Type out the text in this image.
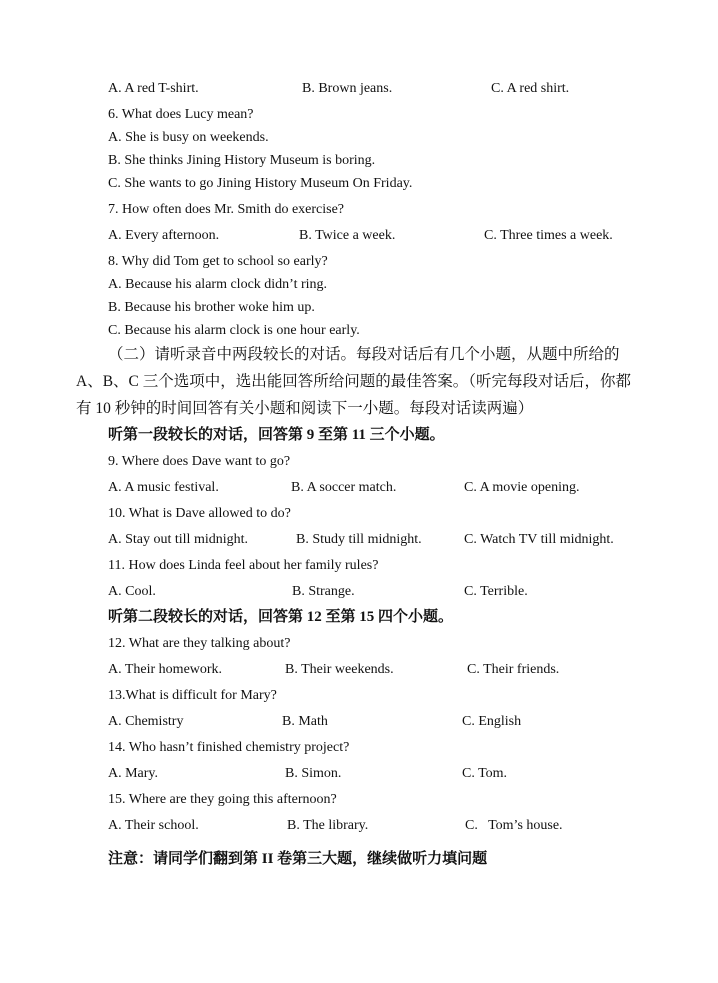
A. A red T-shirt.	B. Brown jeans.	C. A red shirt.
6. What does Lucy mean?
A. She is busy on weekends.
B. She thinks Jining History Museum is boring.
C. She wants to go Jining History Museum On Friday.
7. How often does Mr. Smith do exercise?
A. Every afternoon.	B. Twice a week.	C. Three times a week.
8. Why did Tom get to school so early?
A. Because his alarm clock didn’t ring.
B. Because his brother woke him up.
C. Because his alarm clock is one hour early.
（二）请听录音中两段较长的对话。每段对话后有几个小题，从题中所给的
A、B、C 三个选项中，选出能回答所给问题的最佳答案。（听完每段对话后，你都
有 10 秒钟的时间回答有关小题和阅读下一小题。每段对话读两遍）
听第一段较长的对话，回答第 9 至第 11 三个小题。
9. Where does Dave want to go?
A. A music festival.	B. A soccer match.	C. A movie opening.
10. What is Dave allowed to do?
A. Stay out till midnight.	B. Study till midnight.	C. Watch TV till midnight.
11. How does Linda feel about her family rules?
A. Cool.	B. Strange.	C. Terrible.
听第二段较长的对话，回答第 12 至第 15 四个小题。
12. What are they talking about?
A. Their homework.	B. Their weekends.	C. Their friends.
13.What is difficult for Mary?
A. Chemistry	B. Math	C. English
14. Who hasn’t finished chemistry project?
A. Mary.	B. Simon.	C. Tom.
15. Where are they going this afternoon?
A. Their school.	B. The library.	C.   Tom’s house.
注意：请同学们翻到第 II 卷第三大题，继续做听力填问题
